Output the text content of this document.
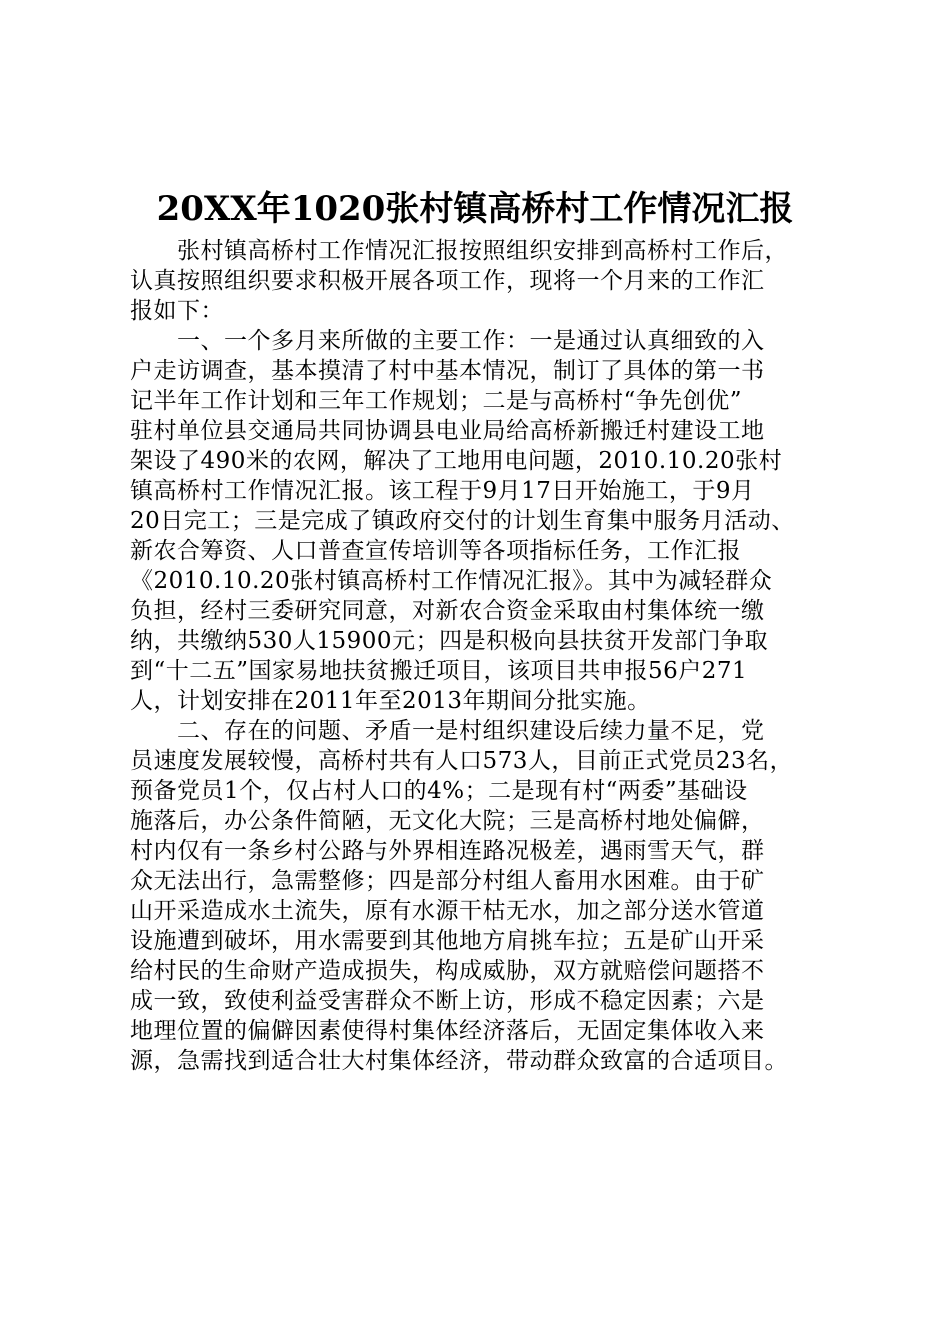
20XX年1020张村镇高桥村工作情况汇报
张村镇高桥村工作情况汇报按照组织安排到高桥村工作后，
认真按照组织要求积极开展各项工作，现将一个月来的工作汇
报如下：
一、一个多月来所做的主要工作：一是通过认真细致的入
户走访调查，基本摸清了村中基本情况，制订了具体的第一书
记半年工作计划和三年工作规划；二是与高桥村“争先创优”
驻村单位县交通局共同协调县电业局给高桥新搬迁村建设工地
架设了490米的农网，解决了工地用电问题，2010.10.20张村
镇高桥村工作情况汇报。该工程于9月17日开始施工，于9月
20日完工；三是完成了镇政府交付的计划生育集中服务月活动、
新农合筹资、人口普查宣传培训等各项指标任务，工作汇报
《2010.10.20张村镇高桥村工作情况汇报》。其中为减轻群众
负担，经村三委研究同意，对新农合资金采取由村集体统一缴
纳，共缴纳530人15900元；四是积极向县扶贫开发部门争取
到“十二五”国家易地扶贫搬迁项目，该项目共申报56户271
人，计划安排在2011年至2013年期间分批实施。
二、存在的问题、矛盾一是村组织建设后续力量不足，党
员速度发展较慢，高桥村共有人口573人，目前正式党员23名，
预备党员1个，仅占村人口的4%；二是现有村“两委”基础设
施落后，办公条件简陋，无文化大院；三是高桥村地处偏僻，
村内仅有一条乡村公路与外界相连路况极差，遇雨雪天气，群
众无法出行，急需整修；四是部分村组人畜用水困难。由于矿
山开采造成水土流失，原有水源干枯无水，加之部分送水管道
设施遭到破坏，用水需要到其他地方肩挑车拉；五是矿山开采
给村民的生命财产造成损失，构成威胁，双方就赔偿问题搭不
成一致，致使利益受害群众不断上访，形成不稳定因素；六是
地理位置的偏僻因素使得村集体经济落后，无固定集体收入来
源，急需找到适合壮大村集体经济，带动群众致富的合适项目。
